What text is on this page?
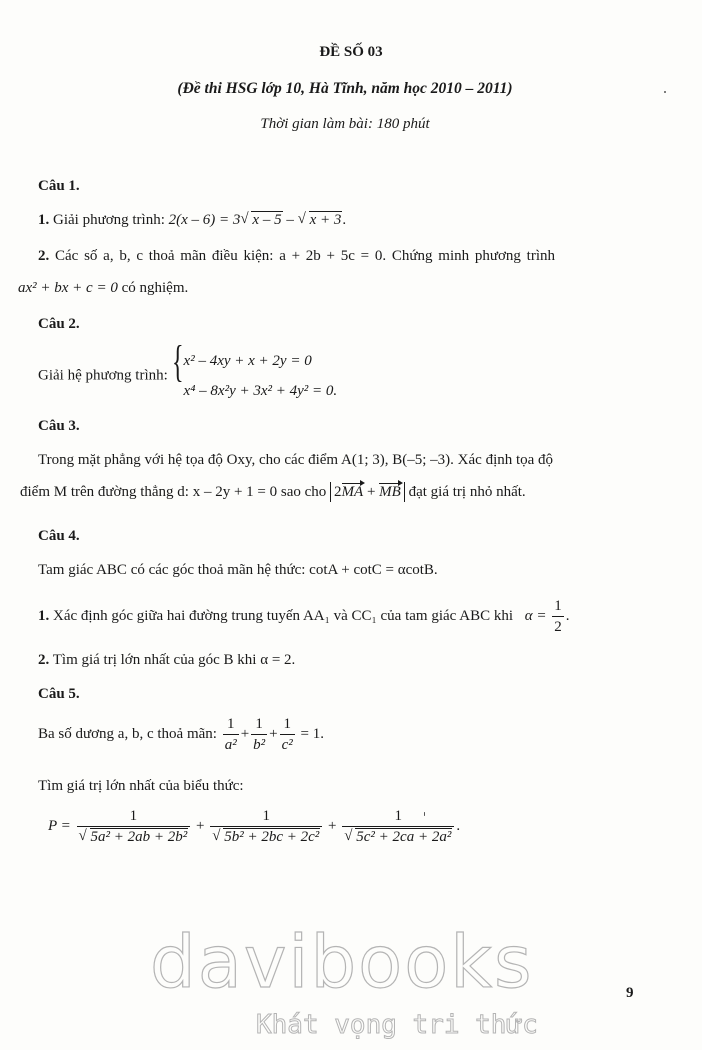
ĐỀ SỐ 03
(Đề thi HSG lớp 10, Hà Tĩnh, năm học 2010 – 2011)
Thời gian làm bài: 180 phút
Câu 1.
1. Giải phương trình: 2(x – 6) = 3√ x – 5 – √ x + 3.
2. Các số a, b, c thoả mãn điều kiện: a + 2b + 5c = 0. Chứng minh phương trình
ax² + bx + c = 0 có nghiệm.
Câu 2.
Giải hệ phương trình: { x² – 4xy + x + 2y = 0
x⁴ – 8x²y + 3x² + 4y² = 0.
Câu 3.
Trong mặt phẳng với hệ tọa độ Oxy, cho các điểm A(1; 3), B(–5; –3). Xác định tọa độ
điểm M trên đường thẳng d: x – 2y + 1 = 0 sao cho 2MA + MB đạt giá trị nhỏ nhất.
Câu 4.
Tam giác ABC có các góc thoả mãn hệ thức: cotA + cotC = αcotB.
1. Xác định góc giữa hai đường trung tuyến AA₁ và CC₁ của tam giác ABC khi $\alpha = \frac{1}{2}$ .
2. Tìm giá trị lớn nhất của góc B khi α = 2.
Câu 5.
Ba số dương a, b, c thoả mãn: $\frac{1}{\text{a²}} + \frac{1}{\text{b²}} + \frac{1}{\text{c²}} = 1$.
Tìm giá trị lớn nhất của biểu thức:
P = 1
√ 5a² + 2ab + 2b² + 1
√ 5b² + 2bc + 2c² + 1
√ 5c² + 2ca + 2a² .
davibooks
Khát vọng tri thức
9
